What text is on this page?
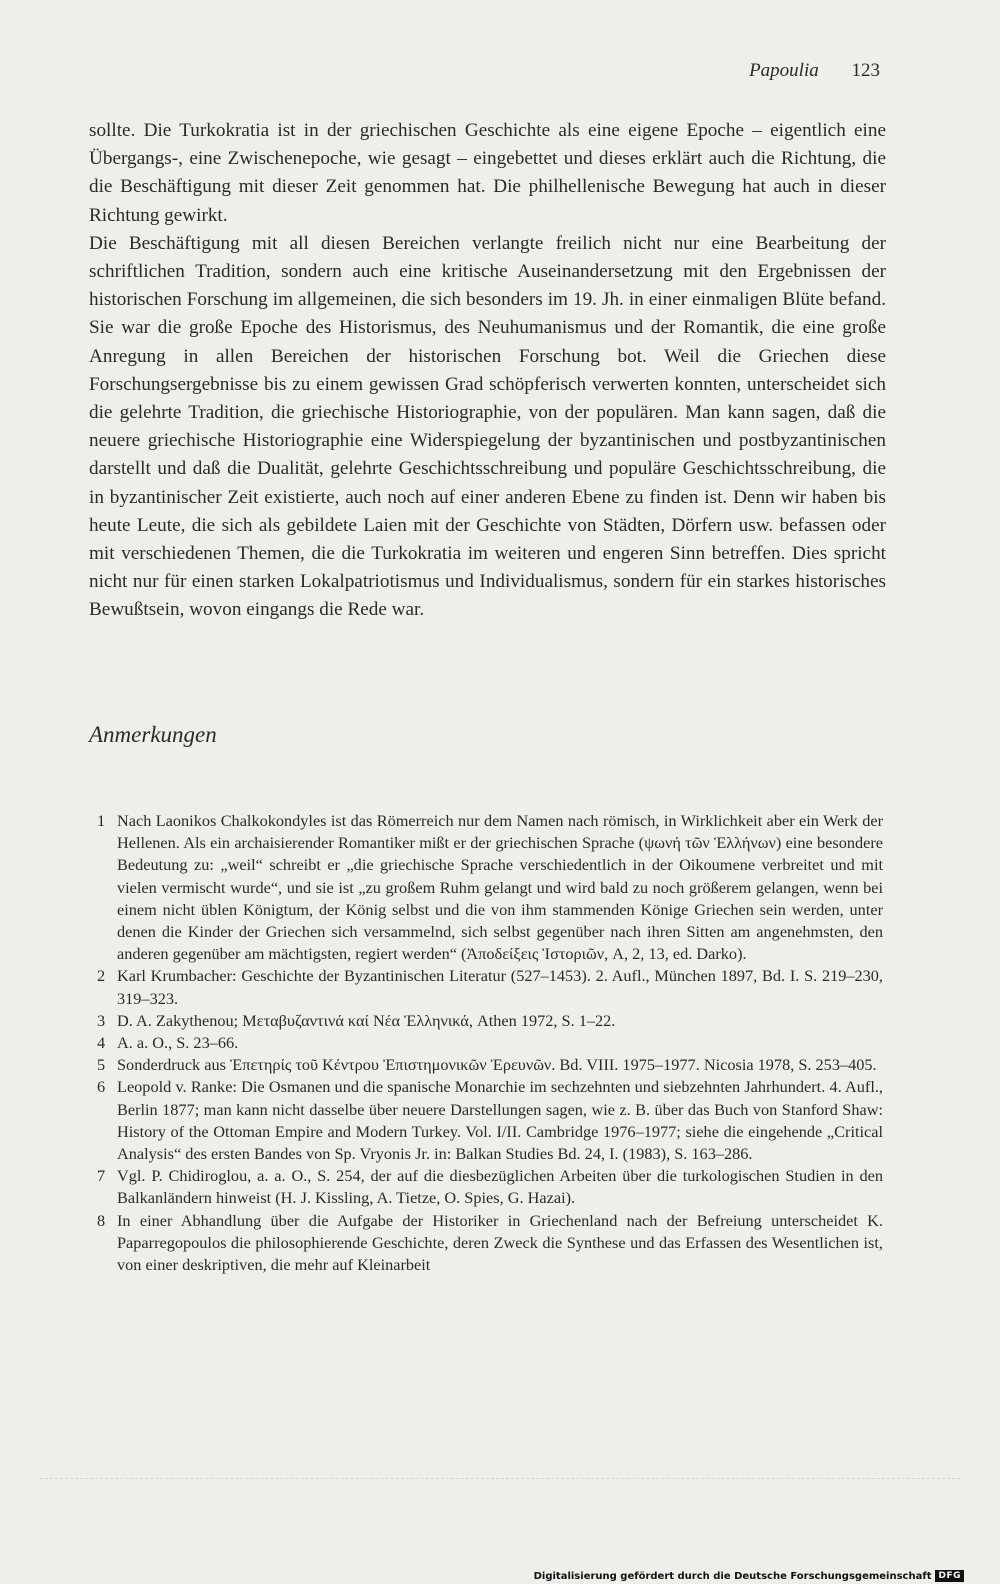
Papoulia 123

sollte. Die Turkokratia ist in der griechischen Geschichte als eine eigene Epoche – eigentlich eine Übergangs-, eine Zwischenepoche, wie gesagt – eingebettet und dieses erklärt auch die Richtung, die die Beschäftigung mit dieser Zeit genommen hat. Die philhellenische Bewegung hat auch in dieser Richtung gewirkt.

Die Beschäftigung mit all diesen Bereichen verlangte freilich nicht nur eine Bearbeitung der schriftlichen Tradition, sondern auch eine kritische Auseinandersetzung mit den Ergebnissen der historischen Forschung im allgemeinen, die sich besonders im 19. Jh. in einer einmaligen Blüte befand. Sie war die große Epoche des Historismus, des Neuhumanismus und der Romantik, die eine große Anregung in allen Bereichen der historischen Forschung bot. Weil die Griechen diese Forschungsergebnisse bis zu einem gewissen Grad schöpferisch verwerten konnten, unterscheidet sich die gelehrte Tradition, die griechische Historiographie, von der populären. Man kann sagen, daß die neuere griechische Historiographie eine Widerspiegelung der byzantinischen und postbyzantinischen darstellt und daß die Dualität, gelehrte Geschichtsschreibung und populäre Geschichtsschreibung, die in byzantinischer Zeit existierte, auch noch auf einer anderen Ebene zu finden ist. Denn wir haben bis heute Leute, die sich als gebildete Laien mit der Geschichte von Städten, Dörfern usw. befassen oder mit verschiedenen Themen, die die Turkokratia im weiteren und engeren Sinn betreffen. Dies spricht nicht nur für einen starken Lokalpatriotismus und Individualismus, sondern für ein starkes historisches Bewußtsein, wovon eingangs die Rede war.

Anmerkungen
1 Nach Laonikos Chalkokondyles ist das Römerreich nur dem Namen nach römisch, in Wirklichkeit aber ein Werk der Hellenen. Als ein archaisierender Romantiker mißt er der griechischen Sprache (ψωνή τῶν Ἑλλήνων) eine besondere Bedeutung zu: „weil“ schreibt er „die griechische Sprache verschiedentlich in der Oikoumene verbreitet und mit vielen vermischt wurde“, und sie ist „zu großem Ruhm gelangt und wird bald zu noch größerem gelangen, wenn bei einem nicht üblen Königtum, der König selbst und die von ihm stammenden Könige Griechen sein werden, unter denen die Kinder der Griechen sich versammelnd, sich selbst gegenüber nach ihren Sitten am angenehmsten, den anderen gegenüber am mächtigsten, regiert werden“ (Ἀποδείξεις Ἱστοριῶν, A, 2, 13, ed. Darko).
2 Karl Krumbacher: Geschichte der Byzantinischen Literatur (527–1453). 2. Aufl., München 1897, Bd. I. S. 219–230, 319–323.
3 D. A. Zakythenou; Μεταβυζαντινά καί Νέα Ἑλληνικά, Athen 1972, S. 1–22.
4 A. a. O., S. 23–66.
5 Sonderdruck aus Ἐπετηρίς τοῦ Κέντρου Ἐπιστημονικῶν Ἐρευνῶν. Bd. VIII. 1975–1977. Nicosia 1978, S. 253–405.
6 Leopold v. Ranke: Die Osmanen und die spanische Monarchie im sechzehnten und siebzehnten Jahrhundert. 4. Aufl., Berlin 1877; man kann nicht dasselbe über neuere Darstellungen sagen, wie z. B. über das Buch von Stanford Shaw: History of the Ottoman Empire and Modern Turkey. Vol. I/II. Cambridge 1976–1977; siehe die eingehende „Critical Analysis“ des ersten Bandes von Sp. Vryonis Jr. in: Balkan Studies Bd. 24, I. (1983), S. 163–286.
7 Vgl. P. Chidiroglou, a. a. O., S. 254, der auf die diesbezüglichen Arbeiten über die turkologischen Studien in den Balkanländern hinweist (H. J. Kissling, A. Tietze, O. Spies, G. Hazai).
8 In einer Abhandlung über die Aufgabe der Historiker in Griechenland nach der Befreiung unterscheidet K. Paparregopoulos die philosophierende Geschichte, deren Zweck die Synthese und das Erfassen des Wesentlichen ist, von einer deskriptiven, die mehr auf Kleinarbeit
Digitalisierung gefördert durch die Deutsche Forschungsgemeinschaft DFG
